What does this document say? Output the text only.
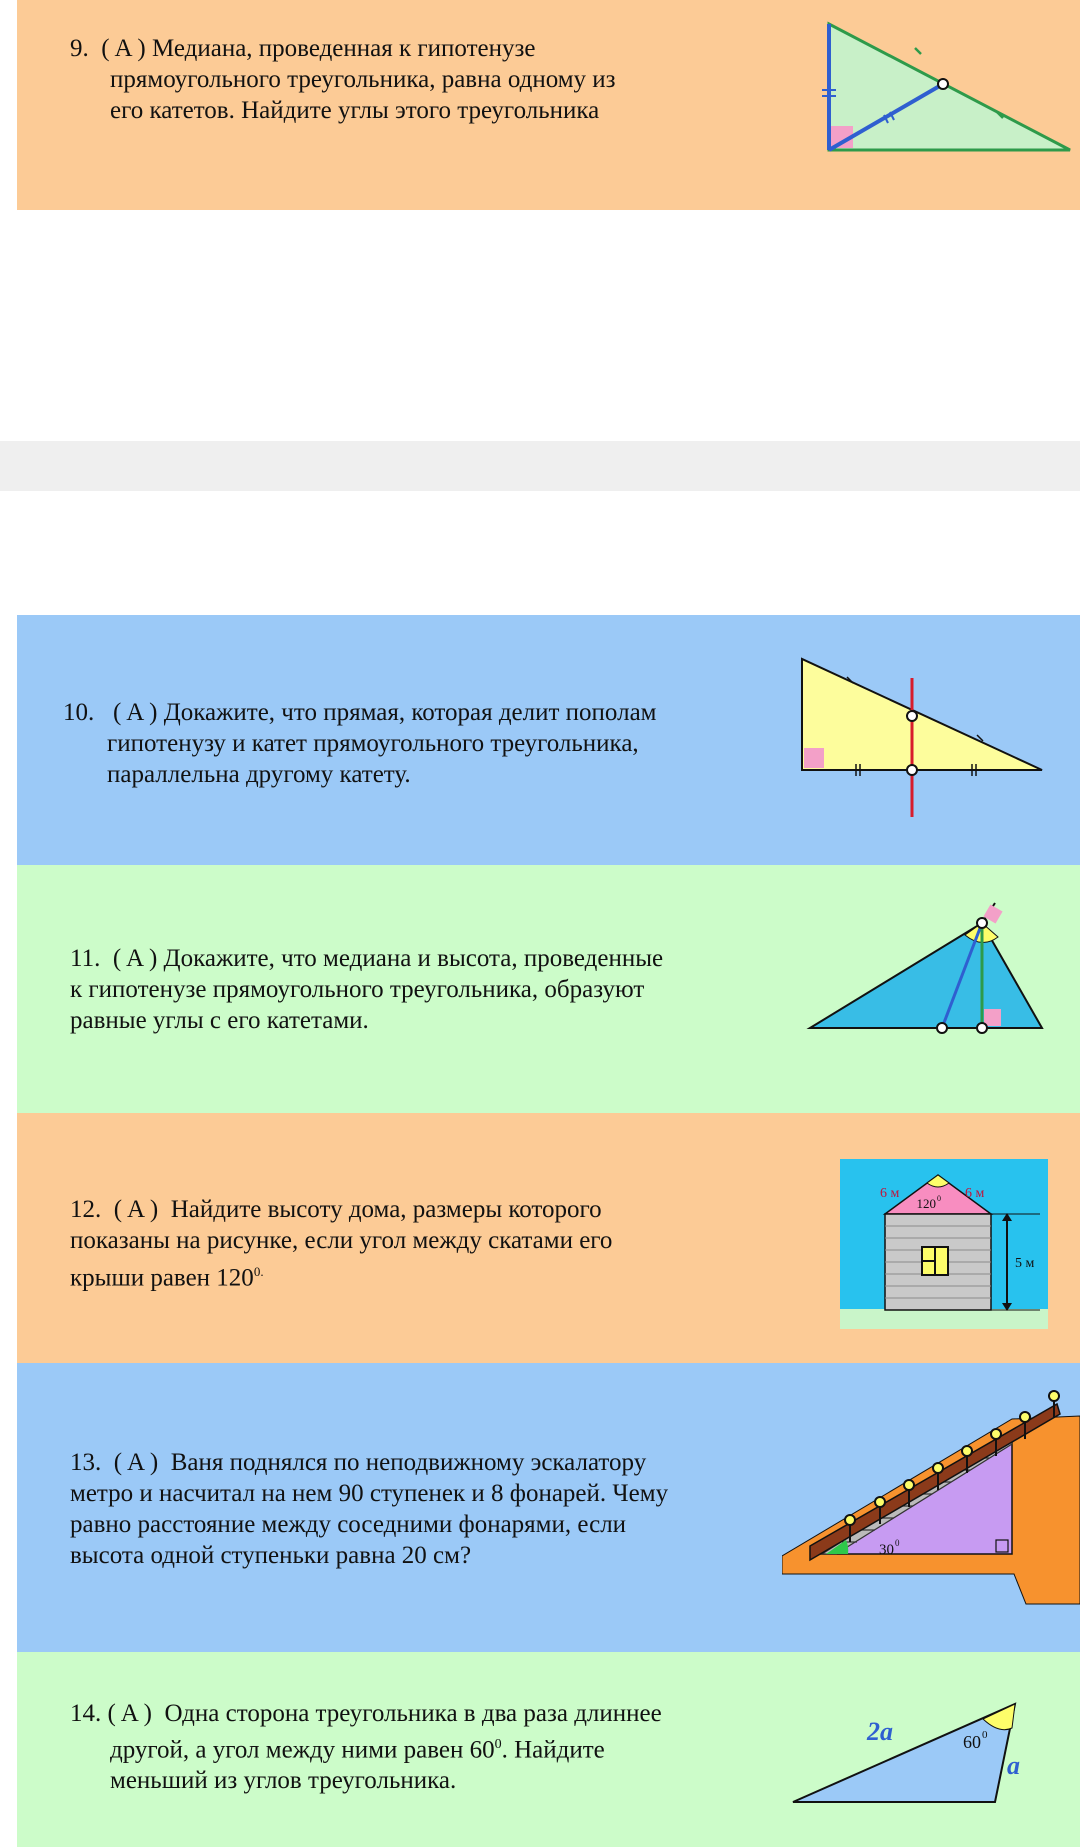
9. ( A ) Медиана, проведенная к гипотенузе
прямоугольного треугольника, равна одному из
его катетов. Найдите углы этого треугольника
10. ( A ) Докажите, что прямая, которая делит пополам
гипотенузу и катет прямоугольного треугольника,
параллельна другому катету.
11. ( A ) Докажите, что медиана и высота, проведенные
к гипотенузе прямоугольного треугольника, образуют
равные углы с его катетами.
12. ( A ) Найдите высоту дома, размеры которого
показаны на рисунке, если угол между скатами его
крыши равен $120^{0.}$
6 м	6 м
120 0
5 м
13. ( A ) Ваня поднялся по неподвижному эскалатору
метро и насчитал на нем 90 ступенек и 8 фонарей. Чему
равно расстояние между соседними фонарями, если
высота одной ступеньки равна 20 см?	30 0
14. ( A ) Одна сторона треугольника в два раза длиннее
другой, а угол между ними равен $60^0$. Найдите
меньший из углов треугольника.
2a
a
60 0
